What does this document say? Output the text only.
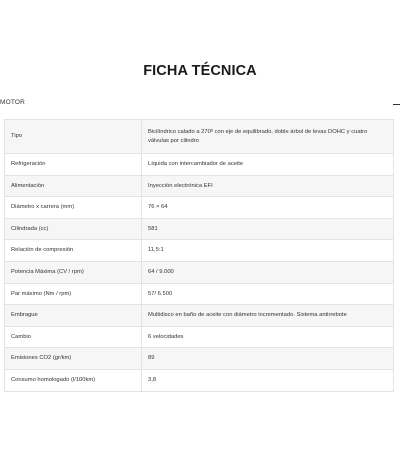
FICHA TÉCNICA
MOTOR
Tipo	Bicilíndrico calado a 270º con eje de equilibrado, doble árbol de levas DOHC y cuatro válvulas por cilindro
Refrigeración	Líquida con intercambiador de aceite
Alimentación	Inyección electrónica EFI
Diámetro x carrera (mm)	76 × 64
Cilindrada (cc)	581
Relación de compresión	11,5:1
Potencia Máxima (CV / rpm)	64 / 9.000
Par máximo (Nm / rpm)	57/ 6.500
Embrague	Multidisco en baño de aceite con diámetro incrementado. Sistema antirrebote
Cambio	6 velocidades
Emisiones CO2 (gr/km)	89
Consumo homologado (l/100km)	3,8
